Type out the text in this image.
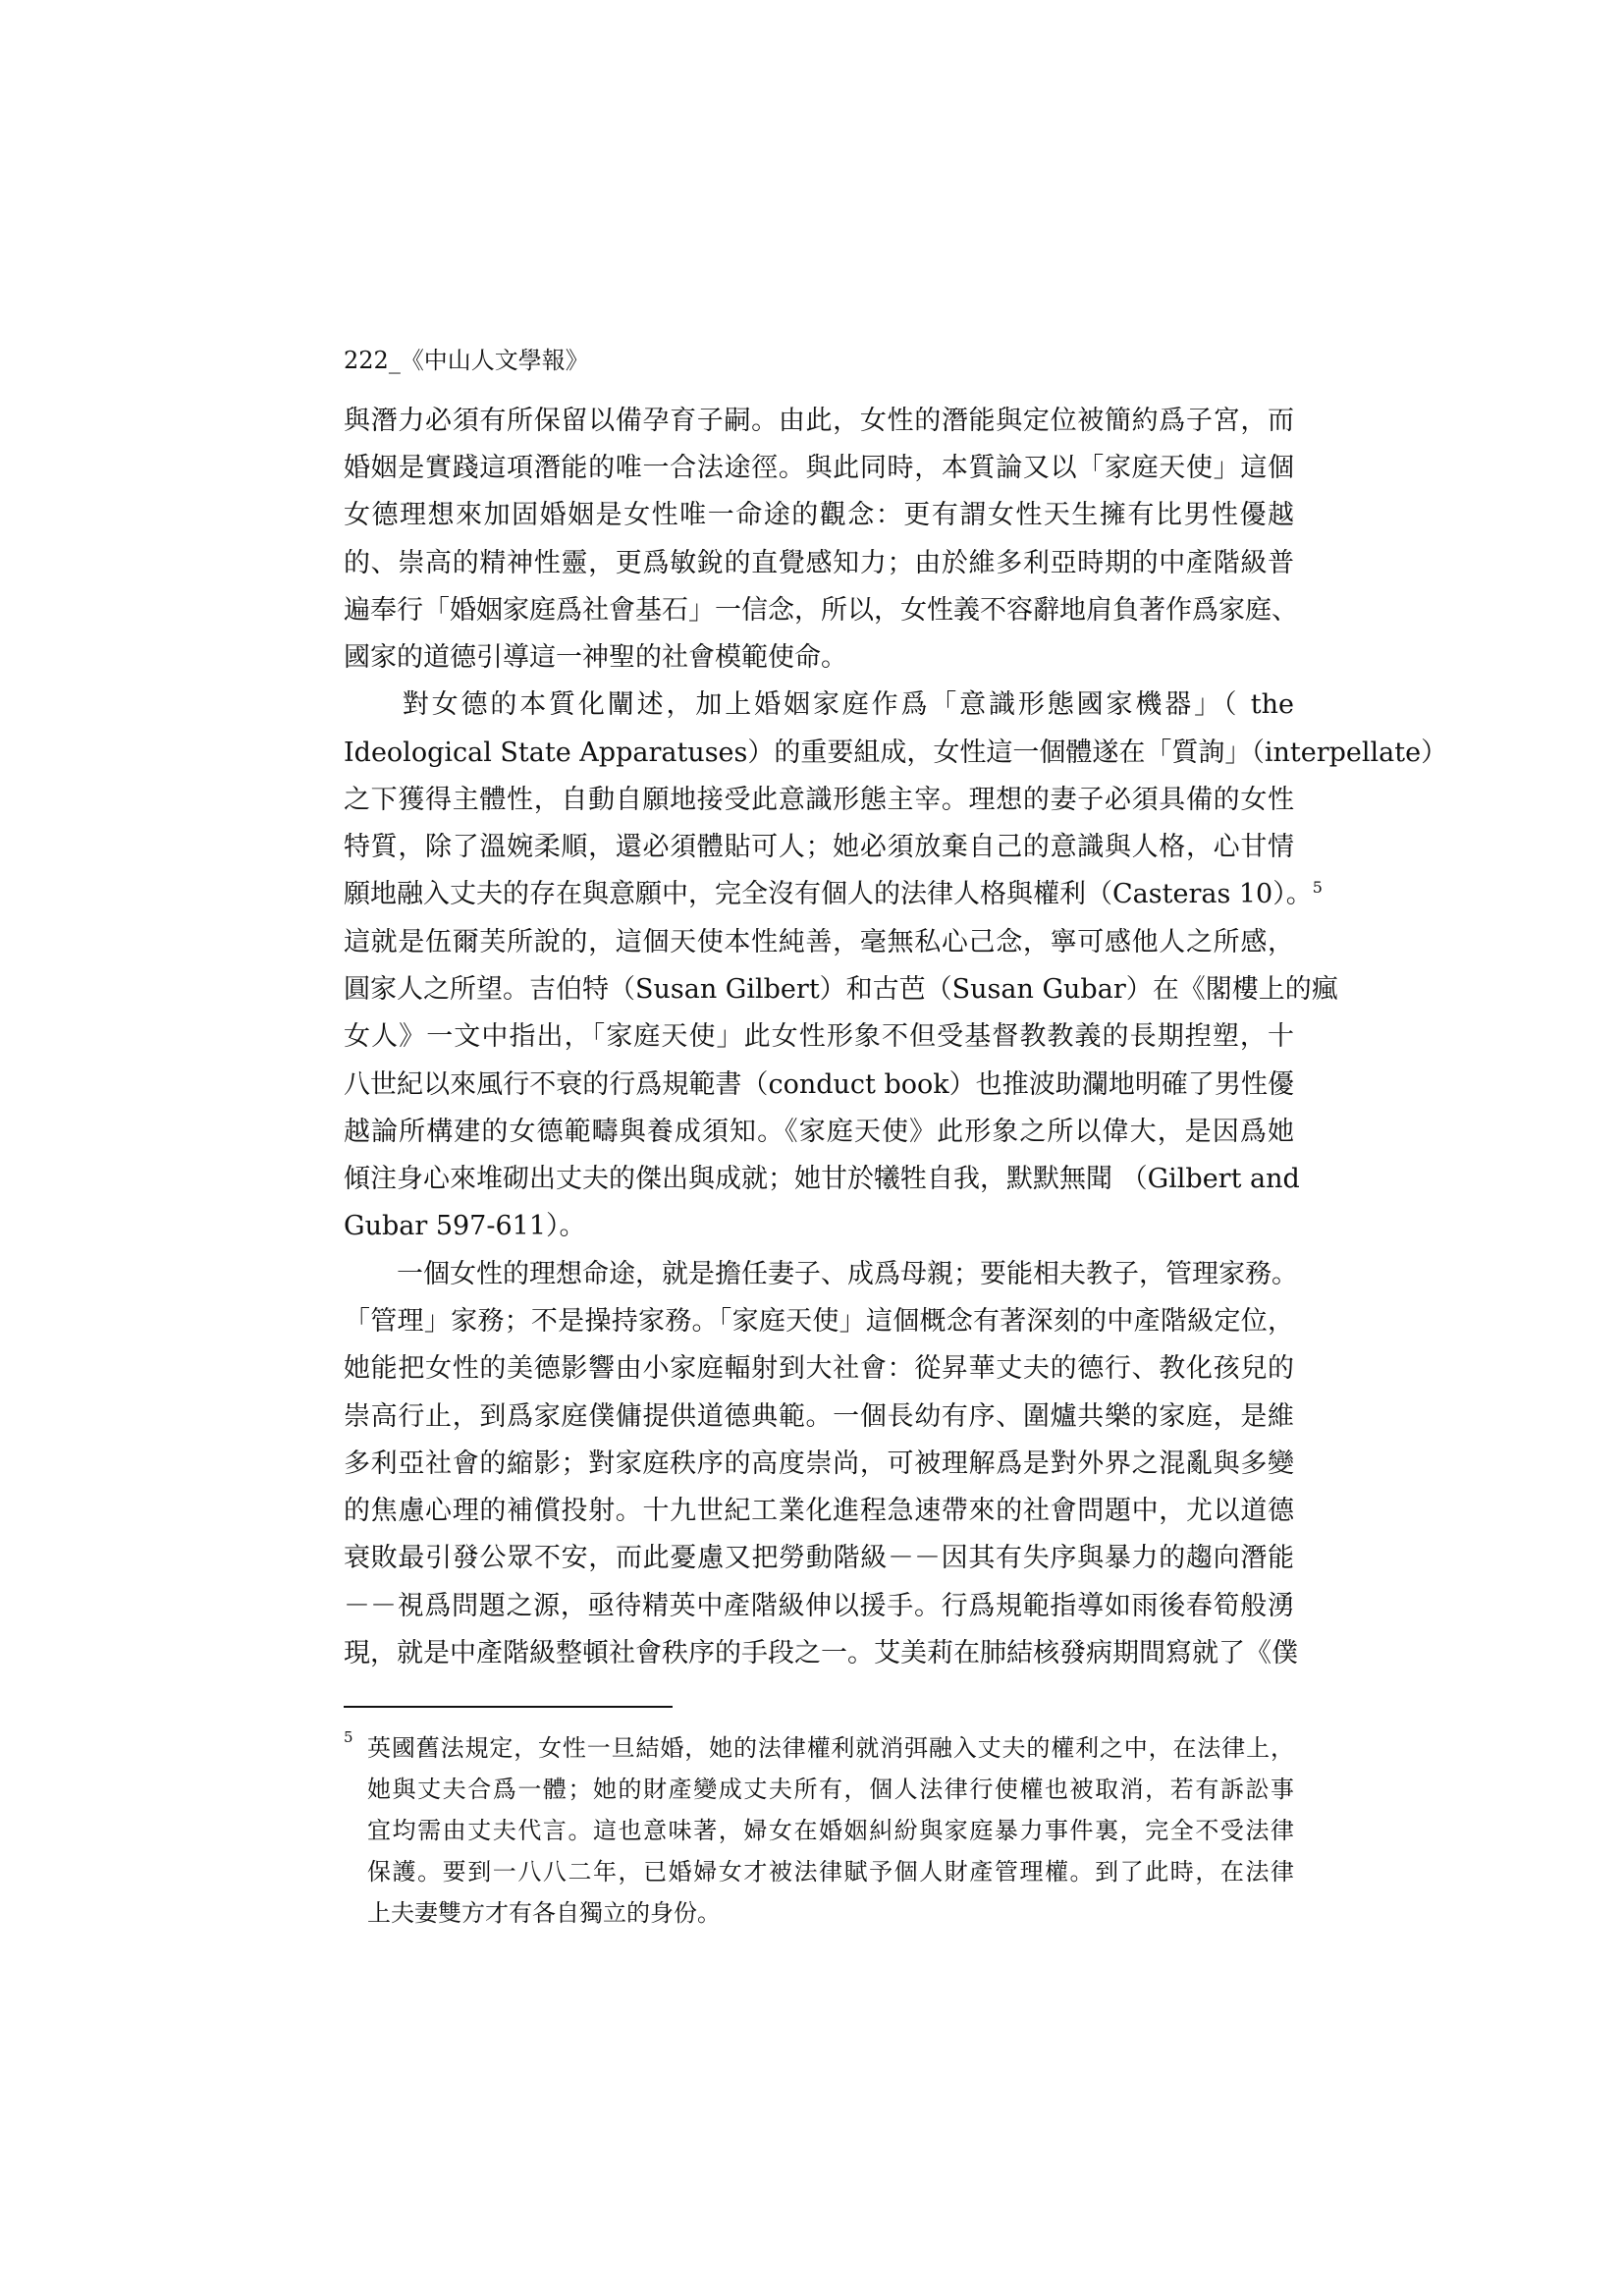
222_《中山人文學報》
與潛力必須有所保留以備孕育子嗣。由此，女性的潛能與定位被簡約爲子宮，而
婚姻是實踐這項潛能的唯一合法途徑。與此同時，本質論又以「家庭天使」這個
女德理想來加固婚姻是女性唯一命途的觀念：更有謂女性天生擁有比男性優越
的、崇高的精神性靈，更爲敏銳的直覺感知力；由於維多利亞時期的中產階級普
遍奉行「婚姻家庭爲社會基石」一信念，所以，女性義不容辭地肩負著作爲家庭、
國家的道德引導這一神聖的社會模範使命。
　　對女德的本質化闡述，加上婚姻家庭作爲「意識形態國家機器」（ the
Ideological State Apparatuses）的重要組成，女性這一個體遂在「質詢」（interpellate）
之下獲得主體性，自動自願地接受此意識形態主宰。理想的妻子必須具備的女性
特質，除了溫婉柔順，還必須體貼可人；她必須放棄自己的意識與人格，心甘情
願地融入丈夫的存在與意願中，完全沒有個人的法律人格與權利（Casteras 10）。$^5$
這就是伍爾芙所說的，這個天使本性純善，毫無私心己念，寧可感他人之所感，
圓家人之所望。吉伯特（Susan Gilbert）和古芭（Susan Gubar）在《閣樓上的瘋
女人》一文中指出，「家庭天使」此女性形象不但受基督教教義的長期揑塑，十
八世紀以來風行不衰的行爲規範書（conduct book）也推波助瀾地明確了男性優
越論所構建的女德範疇與養成須知。《家庭天使》此形象之所以偉大，是因爲她
傾注身心來堆砌出丈夫的傑出與成就；她甘於犧牲自我，默默無聞 （Gilbert and
Gubar 597-611）。
　　一個女性的理想命途，就是擔任妻子、成爲母親；要能相夫教子，管理家務。
「管理」家務；不是操持家務。「家庭天使」這個概念有著深刻的中產階級定位，
她能把女性的美德影響由小家庭輻射到大社會：從昇華丈夫的德行、教化孩兒的
崇高行止，到爲家庭僕傭提供道德典範。一個長幼有序、圍爐共樂的家庭，是維
多利亞社會的縮影；對家庭秩序的高度崇尚，可被理解爲是對外界之混亂與多變
的焦慮心理的補償投射。十九世紀工業化進程急速帶來的社會問題中，尤以道德
衰敗最引發公眾不安，而此憂慮又把勞動階級－－因其有失序與暴力的趨向潛能
－－視爲問題之源，亟待精英中產階級伸以援手。行爲規範指導如雨後春筍般湧
現，就是中產階級整頓社會秩序的手段之一。艾美莉在肺結核發病期間寫就了《僕
5 英國舊法規定，女性一旦結婚，她的法律權利就消弭融入丈夫的權利之中，在法律上，
她與丈夫合爲一體；她的財產變成丈夫所有，個人法律行使權也被取消，若有訴訟事
宜均需由丈夫代言。這也意味著，婦女在婚姻糾紛與家庭暴力事件裏，完全不受法律
保護。要到一八八二年，已婚婦女才被法律賦予個人財產管理權。到了此時，在法律
上夫妻雙方才有各自獨立的身份。
